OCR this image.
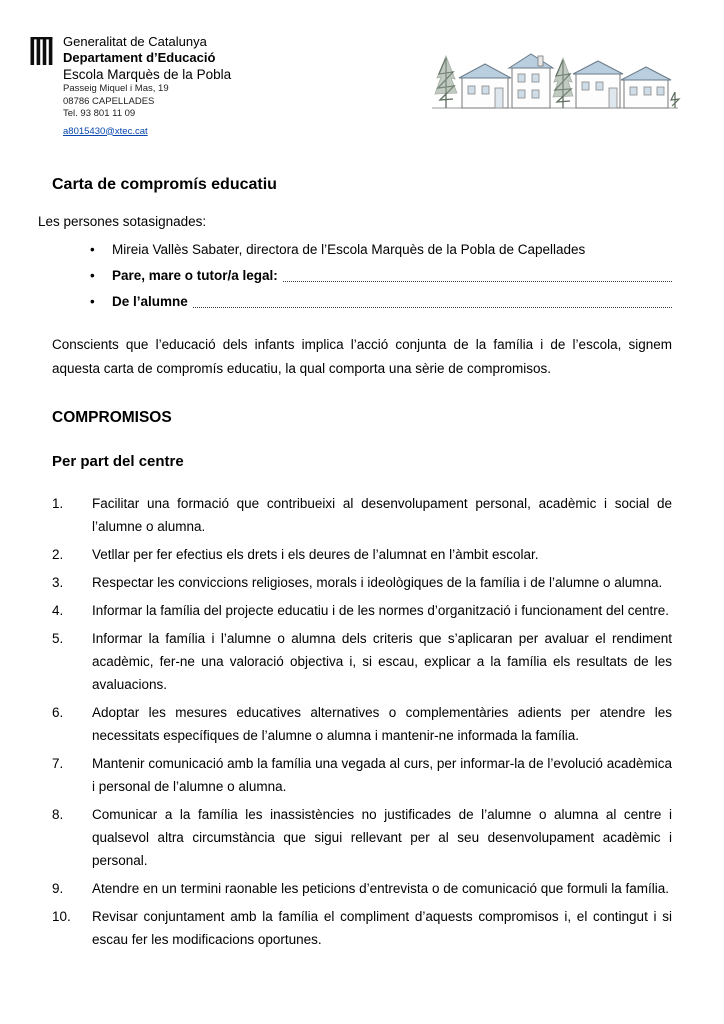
Generalitat de Catalunya
Departament d’Educació
Escola Marquès de la Pobla
Passeig Miquel i Mas, 19
08786 CAPELLADES
Tel. 93 801 11 09
a8015430@xtec.cat
Carta de compromís educatiu
Les persones sotasignades:
•	Mireia Vallès Sabater, directora de l’Escola Marquès de la Pobla de Capellades
•	Pare, mare o tutor/a legal:
•	De l’alumne
Conscients que l’educació dels infants implica l’acció conjunta de la família i de l’escola, signem aquesta carta de compromís educatiu, la qual comporta una sèrie de compromisos.
COMPROMISOS
Per part del centre
1.	Facilitar una formació que contribueixi al desenvolupament personal, acadèmic i social de l’alumne o alumna.
2.	Vetllar per fer efectius els drets i els deures de l’alumnat en l’àmbit escolar.
3.	Respectar les conviccions religioses, morals i ideològiques de la família i de l’alumne o alumna.
4.	Informar la família del projecte educatiu i de les normes d’organització i funcionament del centre.
5.	Informar la família i l’alumne o alumna dels criteris que s’aplicaran per avaluar el rendiment acadèmic, fer-ne una valoració objectiva i, si escau, explicar a la família els resultats de les avaluacions.
6.	Adoptar les mesures educatives alternatives o complementàries adients per atendre les necessitats específiques de l’alumne o alumna i mantenir-ne informada la família.
7.	Mantenir comunicació amb la família una vegada al curs, per informar-la de l’evolució acadèmica i personal de l’alumne o alumna.
8.	Comunicar a la família les inassistències no justificades de l’alumne o alumna al centre i qualsevol altra circumstància que sigui rellevant per al seu desenvolupament acadèmic i personal.
9.	Atendre en un termini raonable les peticions d’entrevista o de comunicació que formuli la família.
10.	Revisar conjuntament amb la família el compliment d’aquests compromisos i, el contingut i si escau fer les modificacions oportunes.
